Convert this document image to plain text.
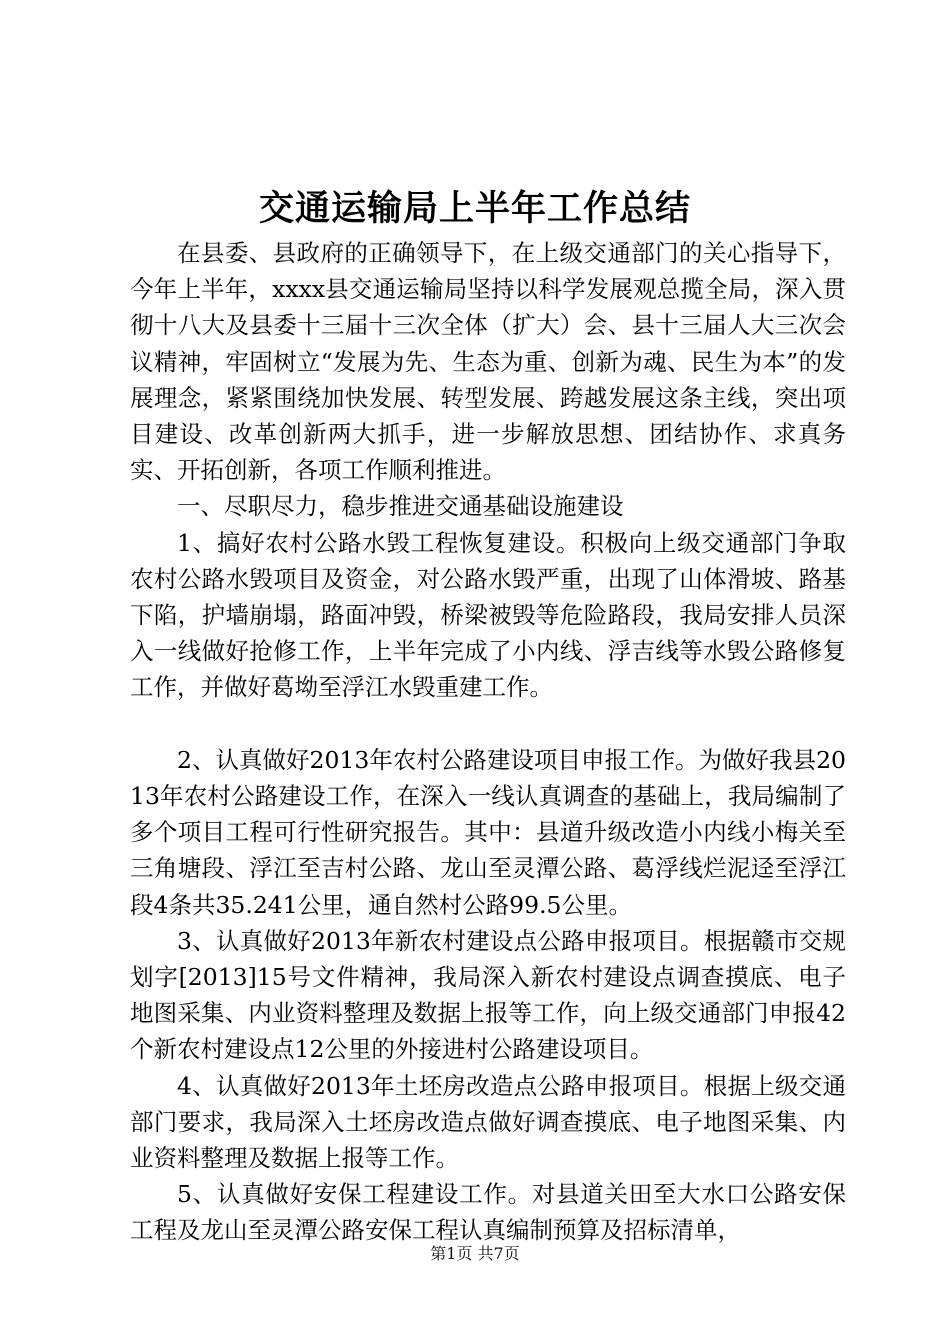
交通运输局上半年工作总结

在县委、县政府的正确领导下，在上级交通部门的关心指导下，今年上半年，xxxx县交通运输局坚持以科学发展观总揽全局，深入贯彻十八大及县委十三届十三次全体（扩大）会、县十三届人大三次会议精神，牢固树立“发展为先、生态为重、创新为魂、民生为本”的发展理念，紧紧围绕加快发展、转型发展、跨越发展这条主线，突出项目建设、改革创新两大抓手，进一步解放思想、团结协作、求真务实、开拓创新，各项工作顺利推进。

一、尽职尽力，稳步推进交通基础设施建设

1、搞好农村公路水毁工程恢复建设。积极向上级交通部门争取农村公路水毁项目及资金，对公路水毁严重，出现了山体滑坡、路基下陷，护墙崩塌，路面冲毁，桥梁被毁等危险路段，我局安排人员深入一线做好抢修工作，上半年完成了小内线、浮吉线等水毁公路修复工作，并做好葛坳至浮江水毁重建工作。

2、认真做好2013年农村公路建设项目申报工作。为做好我县2013年农村公路建设工作，在深入一线认真调查的基础上，我局编制了多个项目工程可行性研究报告。其中：县道升级改造小内线小梅关至三角塘段、浮江至吉村公路、龙山至灵潭公路、葛浮线烂泥迳至浮江段4条共35.241公里，通自然村公路99.5公里。

3、认真做好2013年新农村建设点公路申报项目。根据赣市交规划字[2013]15号文件精神，我局深入新农村建设点调查摸底、电子地图采集、内业资料整理及数据上报等工作，向上级交通部门申报42个新农村建设点12公里的外接进村公路建设项目。

4、认真做好2013年土坯房改造点公路申报项目。根据上级交通部门要求，我局深入土坯房改造点做好调查摸底、电子地图采集、内业资料整理及数据上报等工作。

5、认真做好安保工程建设工作。对县道关田至大水口公路安保工程及龙山至灵潭公路安保工程认真编制预算及招标清单，

第1页 共7页
